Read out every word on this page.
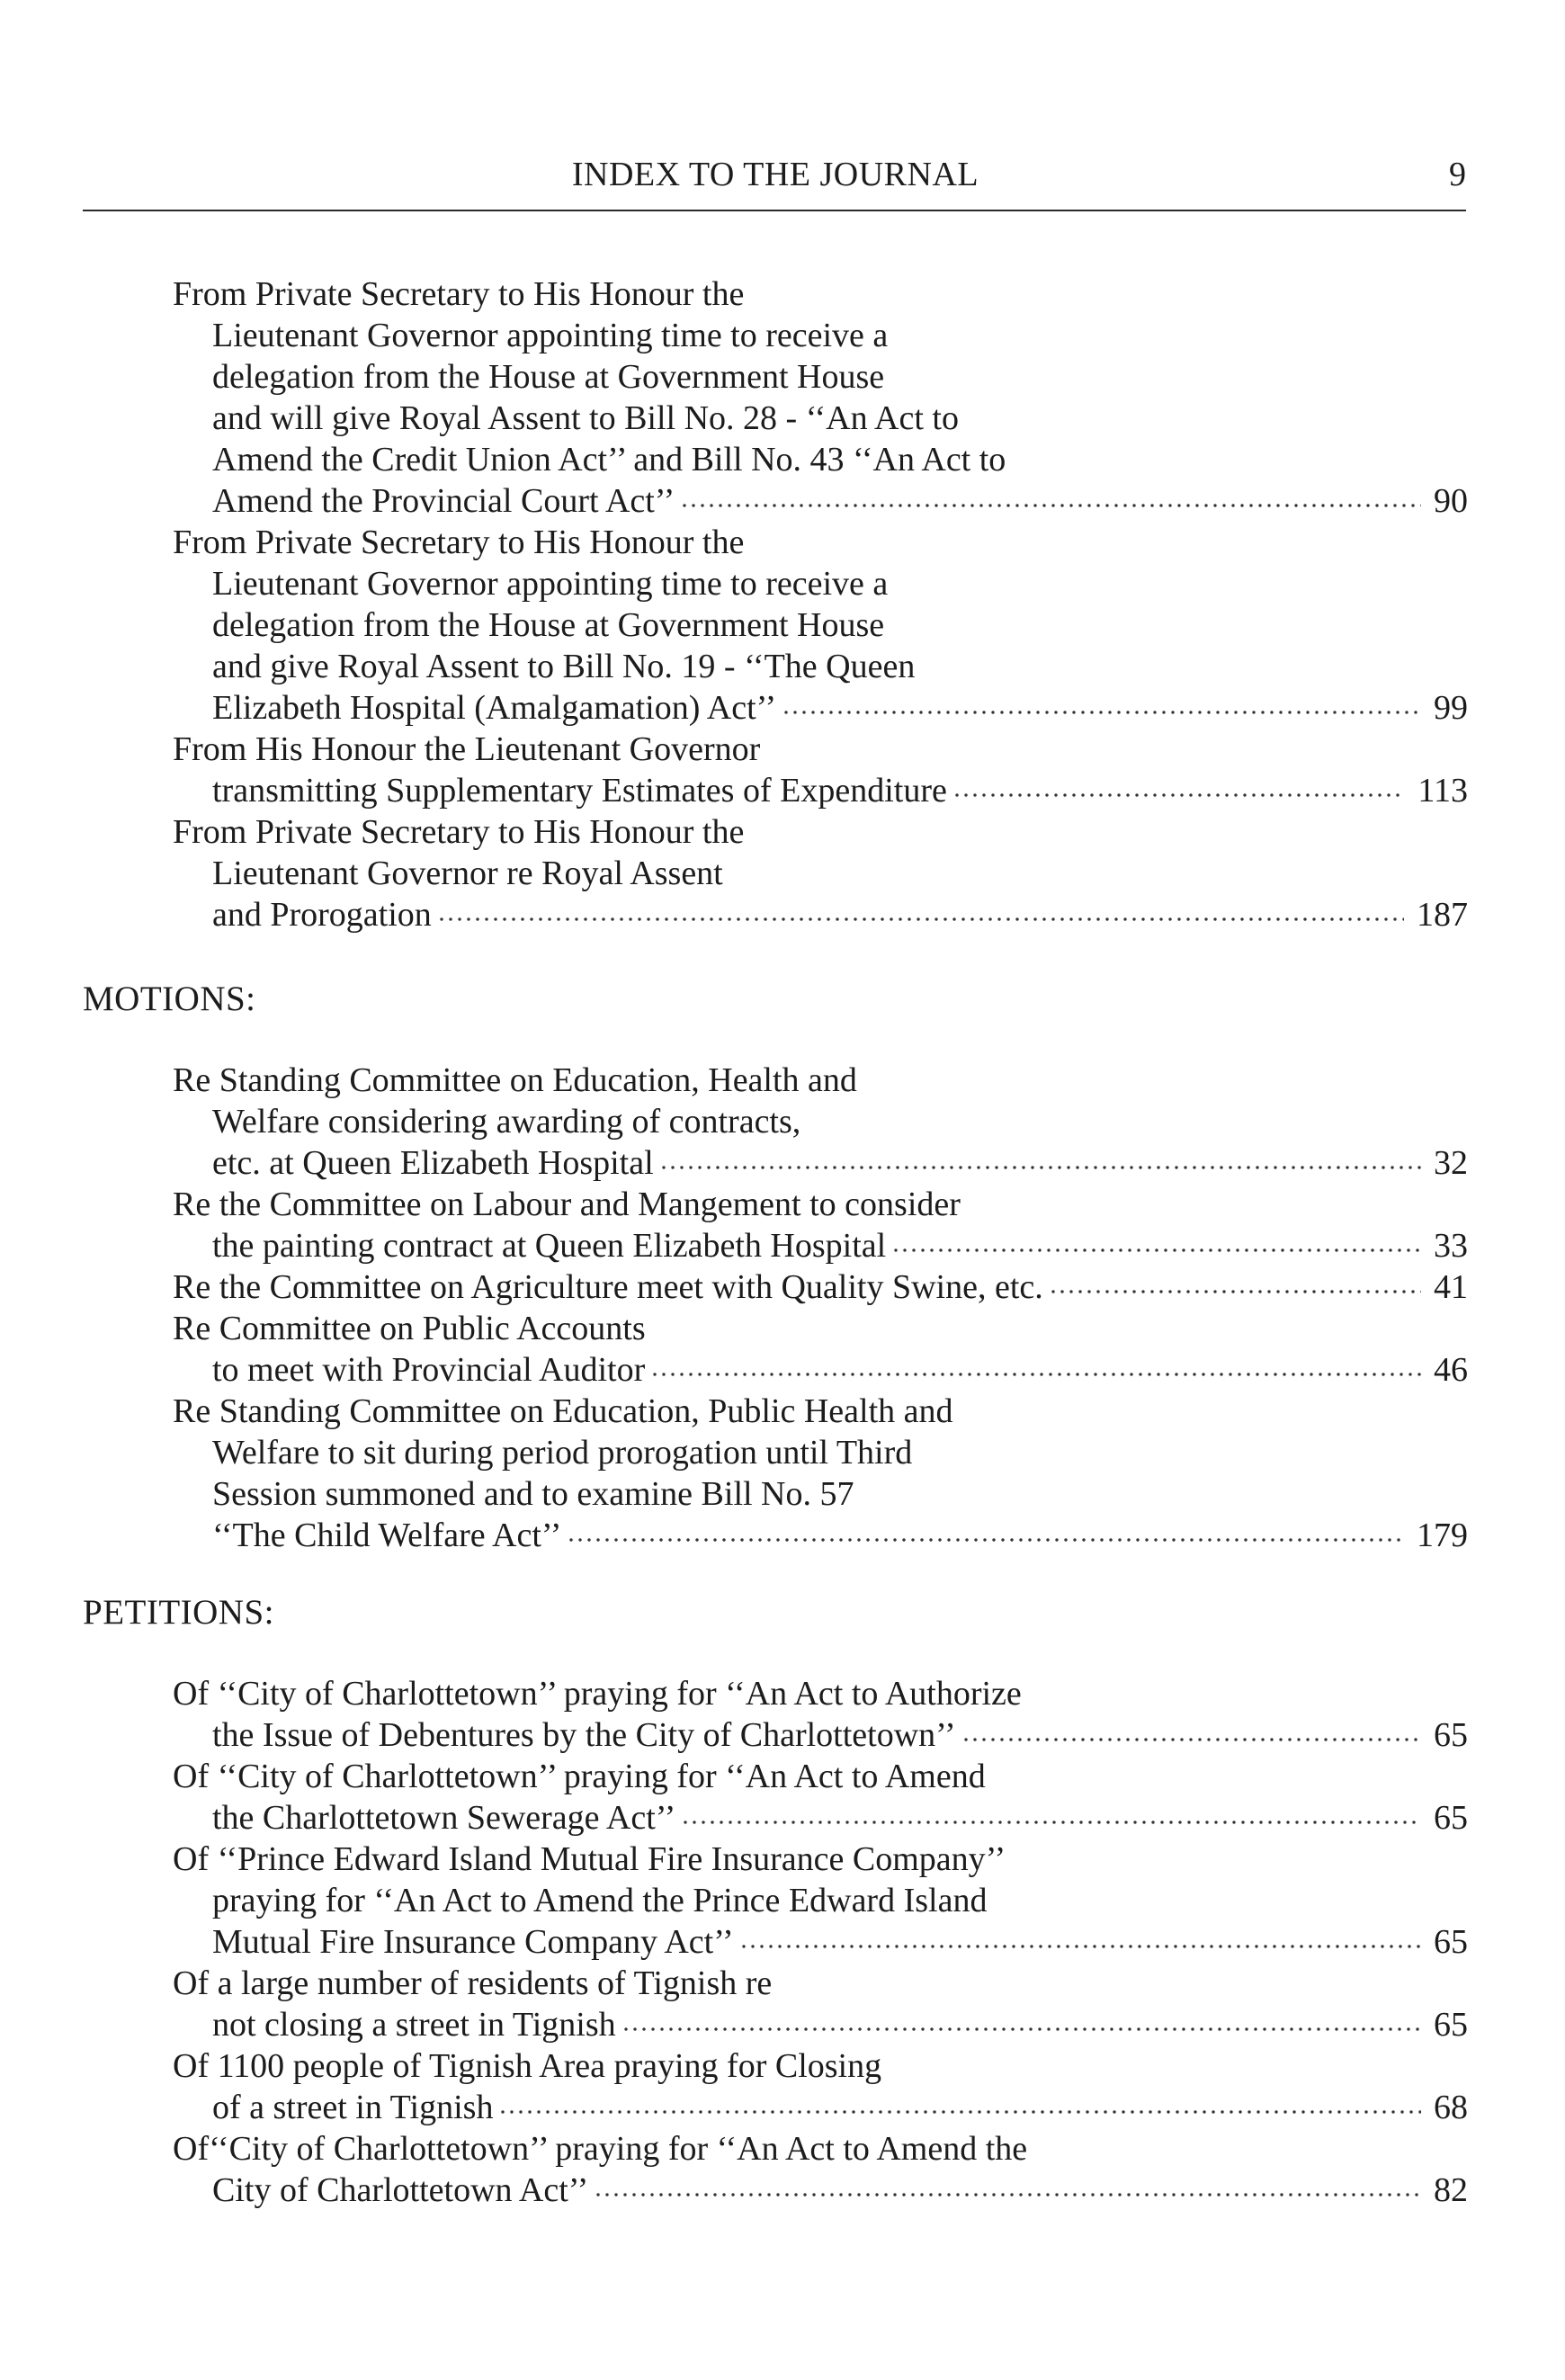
INDEX TO THE JOURNAL	9
From Private Secretary to His Honour the
Lieutenant Governor appointing time to receive a
delegation from the House at Government House
and will give Royal Assent to Bill No. 28 - ‘‘An Act to
Amend the Credit Union Act’’ and Bill No. 43 ‘‘An Act to
Amend the Provincial Court Act’’	90
From Private Secretary to His Honour the
Lieutenant Governor appointing time to receive a
delegation from the House at Government House
and give Royal Assent to Bill No. 19 - ‘‘The Queen
Elizabeth Hospital (Amalgamation) Act’’	99
From His Honour the Lieutenant Governor
transmitting Supplementary Estimates of Expenditure	113
From Private Secretary to His Honour the
Lieutenant Governor re Royal Assent
and Prorogation	187
MOTIONS:
Re Standing Committee on Education, Health and
Welfare considering awarding of contracts,
etc. at Queen Elizabeth Hospital	32
Re the Committee on Labour and Mangement to consider
the painting contract at Queen Elizabeth Hospital	33
Re the Committee on Agriculture meet with Quality Swine, etc.	41
Re Committee on Public Accounts
to meet with Provincial Auditor	46
Re Standing Committee on Education, Public Health and
Welfare to sit during period prorogation until Third
Session summoned and to examine Bill No. 57
‘‘The Child Welfare Act’’	179
PETITIONS:
Of ‘‘City of Charlottetown’’ praying for ‘‘An Act to Authorize
the Issue of Debentures by the City of Charlottetown’’	65
Of ‘‘City of Charlottetown’’ praying for ‘‘An Act to Amend
the Charlottetown Sewerage Act’’	65
Of ‘‘Prince Edward Island Mutual Fire Insurance Company’’
praying for ‘‘An Act to Amend the Prince Edward Island
Mutual Fire Insurance Company Act’’	65
Of a large number of residents of Tignish re
not closing a street in Tignish	65
Of 1100 people of Tignish Area praying for Closing
of a street in Tignish	68
Of‘‘City of Charlottetown’’ praying for ‘‘An Act to Amend the
City of Charlottetown Act’’	82
